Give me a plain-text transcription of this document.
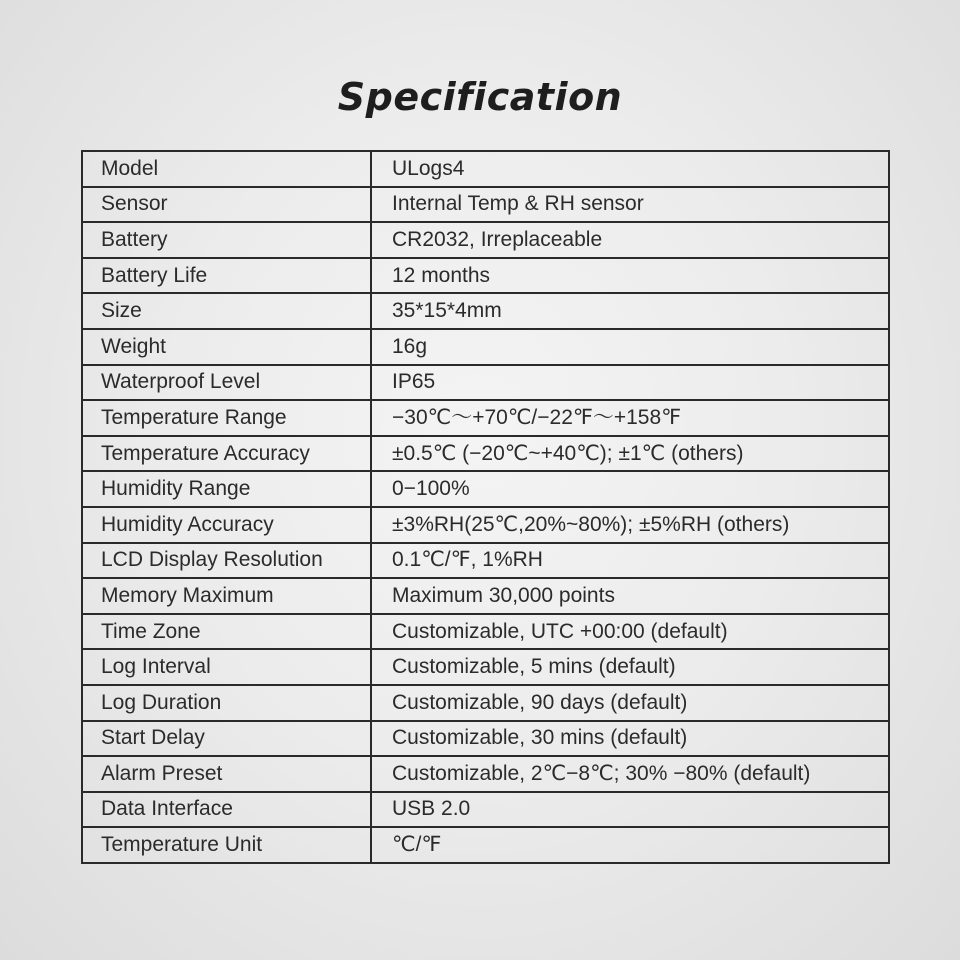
Specification
Model	ULogs4
Sensor	Internal Temp & RH sensor
Battery	CR2032, Irreplaceable
Battery Life	12 months
Size	35*15*4mm
Weight	16g
Waterproof Level	IP65
Temperature Range	−30℃～+70℃/−22℉～+158℉
Temperature Accuracy	±0.5℃ (−20℃~+40℃); ±1℃ (others)
Humidity Range	0−100%
Humidity Accuracy	±3%RH(25℃,20%~80%); ±5%RH (others)
LCD Display Resolution	0.1℃/℉, 1%RH
Memory Maximum	Maximum 30,000 points
Time Zone	Customizable, UTC +00:00 (default)
Log Interval	Customizable, 5 mins (default)
Log Duration	Customizable, 90 days (default)
Start Delay	Customizable, 30 mins (default)
Alarm Preset	Customizable, 2℃−8℃; 30% −80% (default)
Data Interface	USB 2.0
Temperature Unit	℃/℉
